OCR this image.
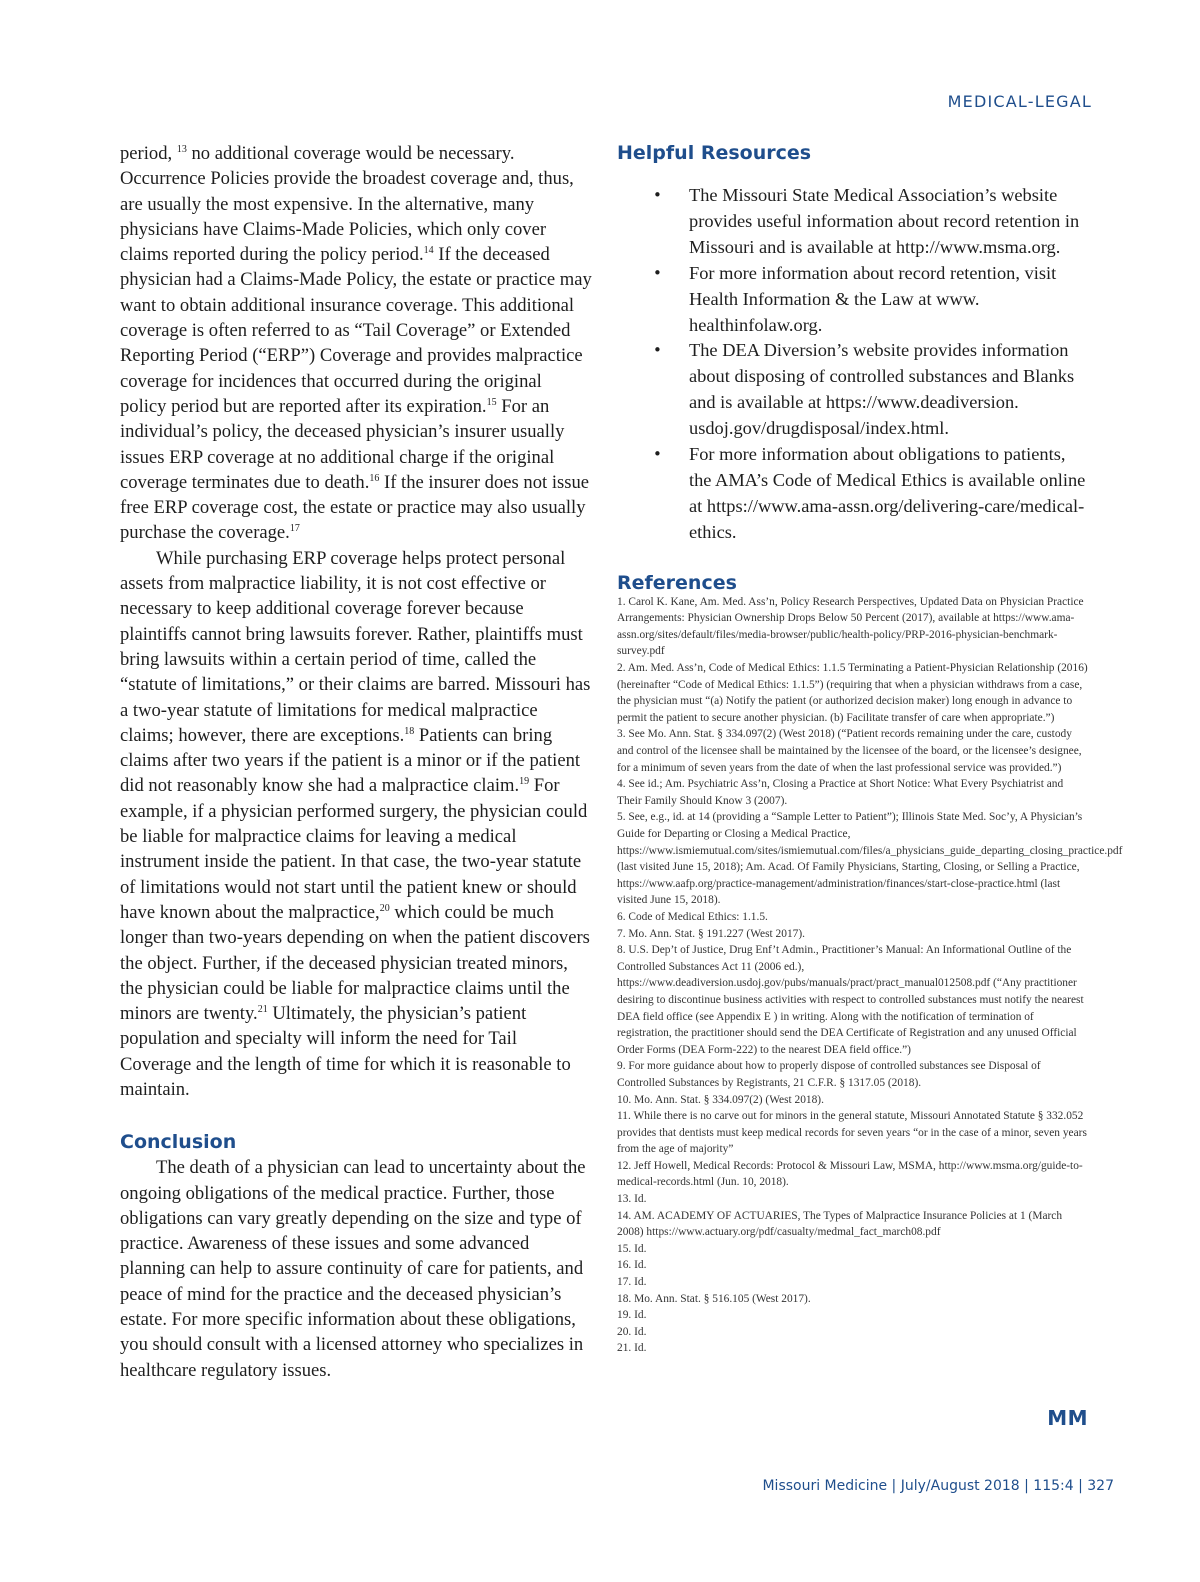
MEDICAL-LEGAL

period, $^{13}$ no additional coverage would be necessary. Occurrence Policies provide the broadest coverage and, thus, are usually the most expensive. In the alternative, many physicians have Claims-Made Policies, which only cover claims reported during the policy period.$^{14}$ If the deceased physician had a Claims-Made Policy, the estate or practice may want to obtain additional insurance coverage. This additional coverage is often referred to as “Tail Coverage” or Extended Reporting Period (“ERP”) Coverage and provides malpractice coverage for incidences that occurred during the original policy period but are reported after its expiration.$^{15}$ For an individual’s policy, the deceased physician’s insurer usually issues ERP coverage at no additional charge if the original coverage terminates due to death.$^{16}$ If the insurer does not issue free ERP coverage cost, the estate or practice may also usually purchase the coverage.$^{17}$

While purchasing ERP coverage helps protect personal assets from malpractice liability, it is not cost effective or necessary to keep additional coverage forever because plaintiffs cannot bring lawsuits forever. Rather, plaintiffs must bring lawsuits within a certain period of time, called the “statute of limitations,” or their claims are barred. Missouri has a two-year statute of limitations for medical malpractice claims; however, there are exceptions.$^{18}$ Patients can bring claims after two years if the patient is a minor or if the patient did not reasonably know she had a malpractice claim.$^{19}$ For example, if a physician performed surgery, the physician could be liable for malpractice claims for leaving a medical instrument inside the patient. In that case, the two-year statute of limitations would not start until the patient knew or should have known about the malpractice,$^{20}$ which could be much longer than two-years depending on when the patient discovers the object. Further, if the deceased physician treated minors, the physician could be liable for malpractice claims until the minors are twenty.$^{21}$ Ultimately, the physician’s patient population and specialty will inform the need for Tail Coverage and the length of time for which it is reasonable to maintain.

Conclusion

The death of a physician can lead to uncertainty about the ongoing obligations of the medical practice. Further, those obligations can vary greatly depending on the size and type of practice. Awareness of these issues and some advanced planning can help to assure continuity of care for patients, and peace of mind for the practice and the deceased physician’s estate. For more specific information about these obligations, you should consult with a licensed attorney who specializes in healthcare regulatory issues.

Helpful Resources
• The Missouri State Medical Association’s website provides useful information about record retention in Missouri and is available at http://www.msma.​org.
• For more information about record retention, visit Health Information & the Law at www.​healthinfolaw.org.
• The DEA Diversion’s website provides information about disposing of controlled substances and Blanks and is available at https://www.deadiversion.​usdoj.gov/drugdisposal/index.html.
• For more information about obligations to patients, the AMA’s Code of Medical Ethics is available online at https://www.ama-assn.org/​delivering-care/medical-ethics.
References
1. Carol K. Kane, Am. Med. Ass’n, Policy Research Perspectives, Updated Data on Physician Practice Arrangements: Physician Ownership Drops Below 50 Percent (2017), available at https://www.ama-assn.org/sites/default/files/media-browser/public/health-policy/PRP-2016-physician-benchmark-survey.pdf
2. Am. Med. Ass’n, Code of Medical Ethics: 1.1.5 Terminating a Patient-Physician Relationship (2016) (hereinafter “Code of Medical Ethics: 1.1.5”) (requiring that when a physician withdraws from a case, the physician must “(a) Notify the patient (or authorized decision maker) long enough in advance to permit the patient to secure another physician. (b) Facilitate transfer of care when appropriate.”)
3. See Mo. Ann. Stat. § 334.097(2) (West 2018) (“Patient records remaining under the care, custody and control of the licensee shall be maintained by the licensee of the board, or the licensee’s designee, for a minimum of seven years from the date of when the last professional service was provided.”)
4. See id.; Am. Psychiatric Ass’n, Closing a Practice at Short Notice: What Every Psychiatrist and Their Family Should Know 3 (2007).
5. See, e.g., id. at 14 (providing a “Sample Letter to Patient”); Illinois State Med. Soc’y, A Physician’s Guide for Departing or Closing a Medical Practice, https://www.ismiemutual.com/sites/ismiemutual.com/files/a_physicians_guide_departing_closing_practice.pdf (last visited June 15, 2018); Am. Acad. Of Family Physicians, Starting, Closing, or Selling a Practice, https://www.aafp.org/practice-management/administration/finances/start-close-practice.html (last visited June 15, 2018).
6. Code of Medical Ethics: 1.1.5.
7. Mo. Ann. Stat. § 191.227 (West 2017).
8. U.S. Dep’t of Justice, Drug Enf’t Admin., Practitioner’s Manual: An Informational Outline of the Controlled Substances Act 11 (2006 ed.), https://www.deadiversion.usdoj.gov/pubs/manuals/pract/pract_manual012508.pdf (“Any practitioner desiring to discontinue business activities with respect to controlled substances must notify the nearest DEA field office (see Appendix E ) in writing. Along with the notification of termination of registration, the practitioner should send the DEA Certificate of Registration and any unused Official Order Forms (DEA Form-222) to the nearest DEA field office.”)
9. For more guidance about how to properly dispose of controlled substances see Disposal of Controlled Substances by Registrants, 21 C.F.R. § 1317.05 (2018).
10. Mo. Ann. Stat. § 334.097(2) (West 2018).
11. While there is no carve out for minors in the general statute, Missouri Annotated Statute § 332.052 provides that dentists must keep medical records for seven years “or in the case of a minor, seven years from the age of majority”
12. Jeff Howell, Medical Records: Protocol & Missouri Law, MSMA, http://www.msma.org/guide-to-medical-records.html (Jun. 10, 2018).
13. Id.
14. AM. ACADEMY OF ACTUARIES, The Types of Malpractice Insurance Policies at 1 (March 2008) https://www.actuary.org/pdf/casualty/medmal_fact_march08.pdf
15. Id.
16. Id.
17. Id.
18. Mo. Ann. Stat. § 516.105 (West 2017).
19. Id.
20. Id.
21. Id.
MM
Missouri Medicine | July/August 2018 | 115:4 | 327
